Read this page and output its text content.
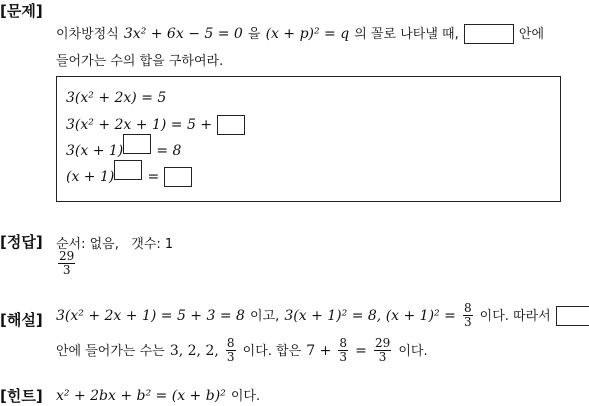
[문제]
이차방정식 3x² + 6x − 5 = 0 을 (x + p)² = q 의 꼴로 나타낼 때,	안에
들어가는 수의 합을 구하여라.
3(x² + 2x) = 5
3(x² + 2x + 1) = 5 +
3(x + 1) = 8
(x + 1) =
[정답] 순서: 없음, 갯수: 1
$\frac{29}{3}$
[해설] 3(x² + 2x + 1) = 5 + 3 = 8 이고, 3(x + 1)² = 8, $(x + 1)^2 = \frac{8}{3}$ 이다. 따라서
안에 들어가는 수는 3, 2, 2, $\frac{8}{3}$ 이다. 합은 $7 + \frac{8}{3} = \frac{29}{3}$ 이다.
[힌트] x² + 2bx + b² = (x + b)² 이다.
